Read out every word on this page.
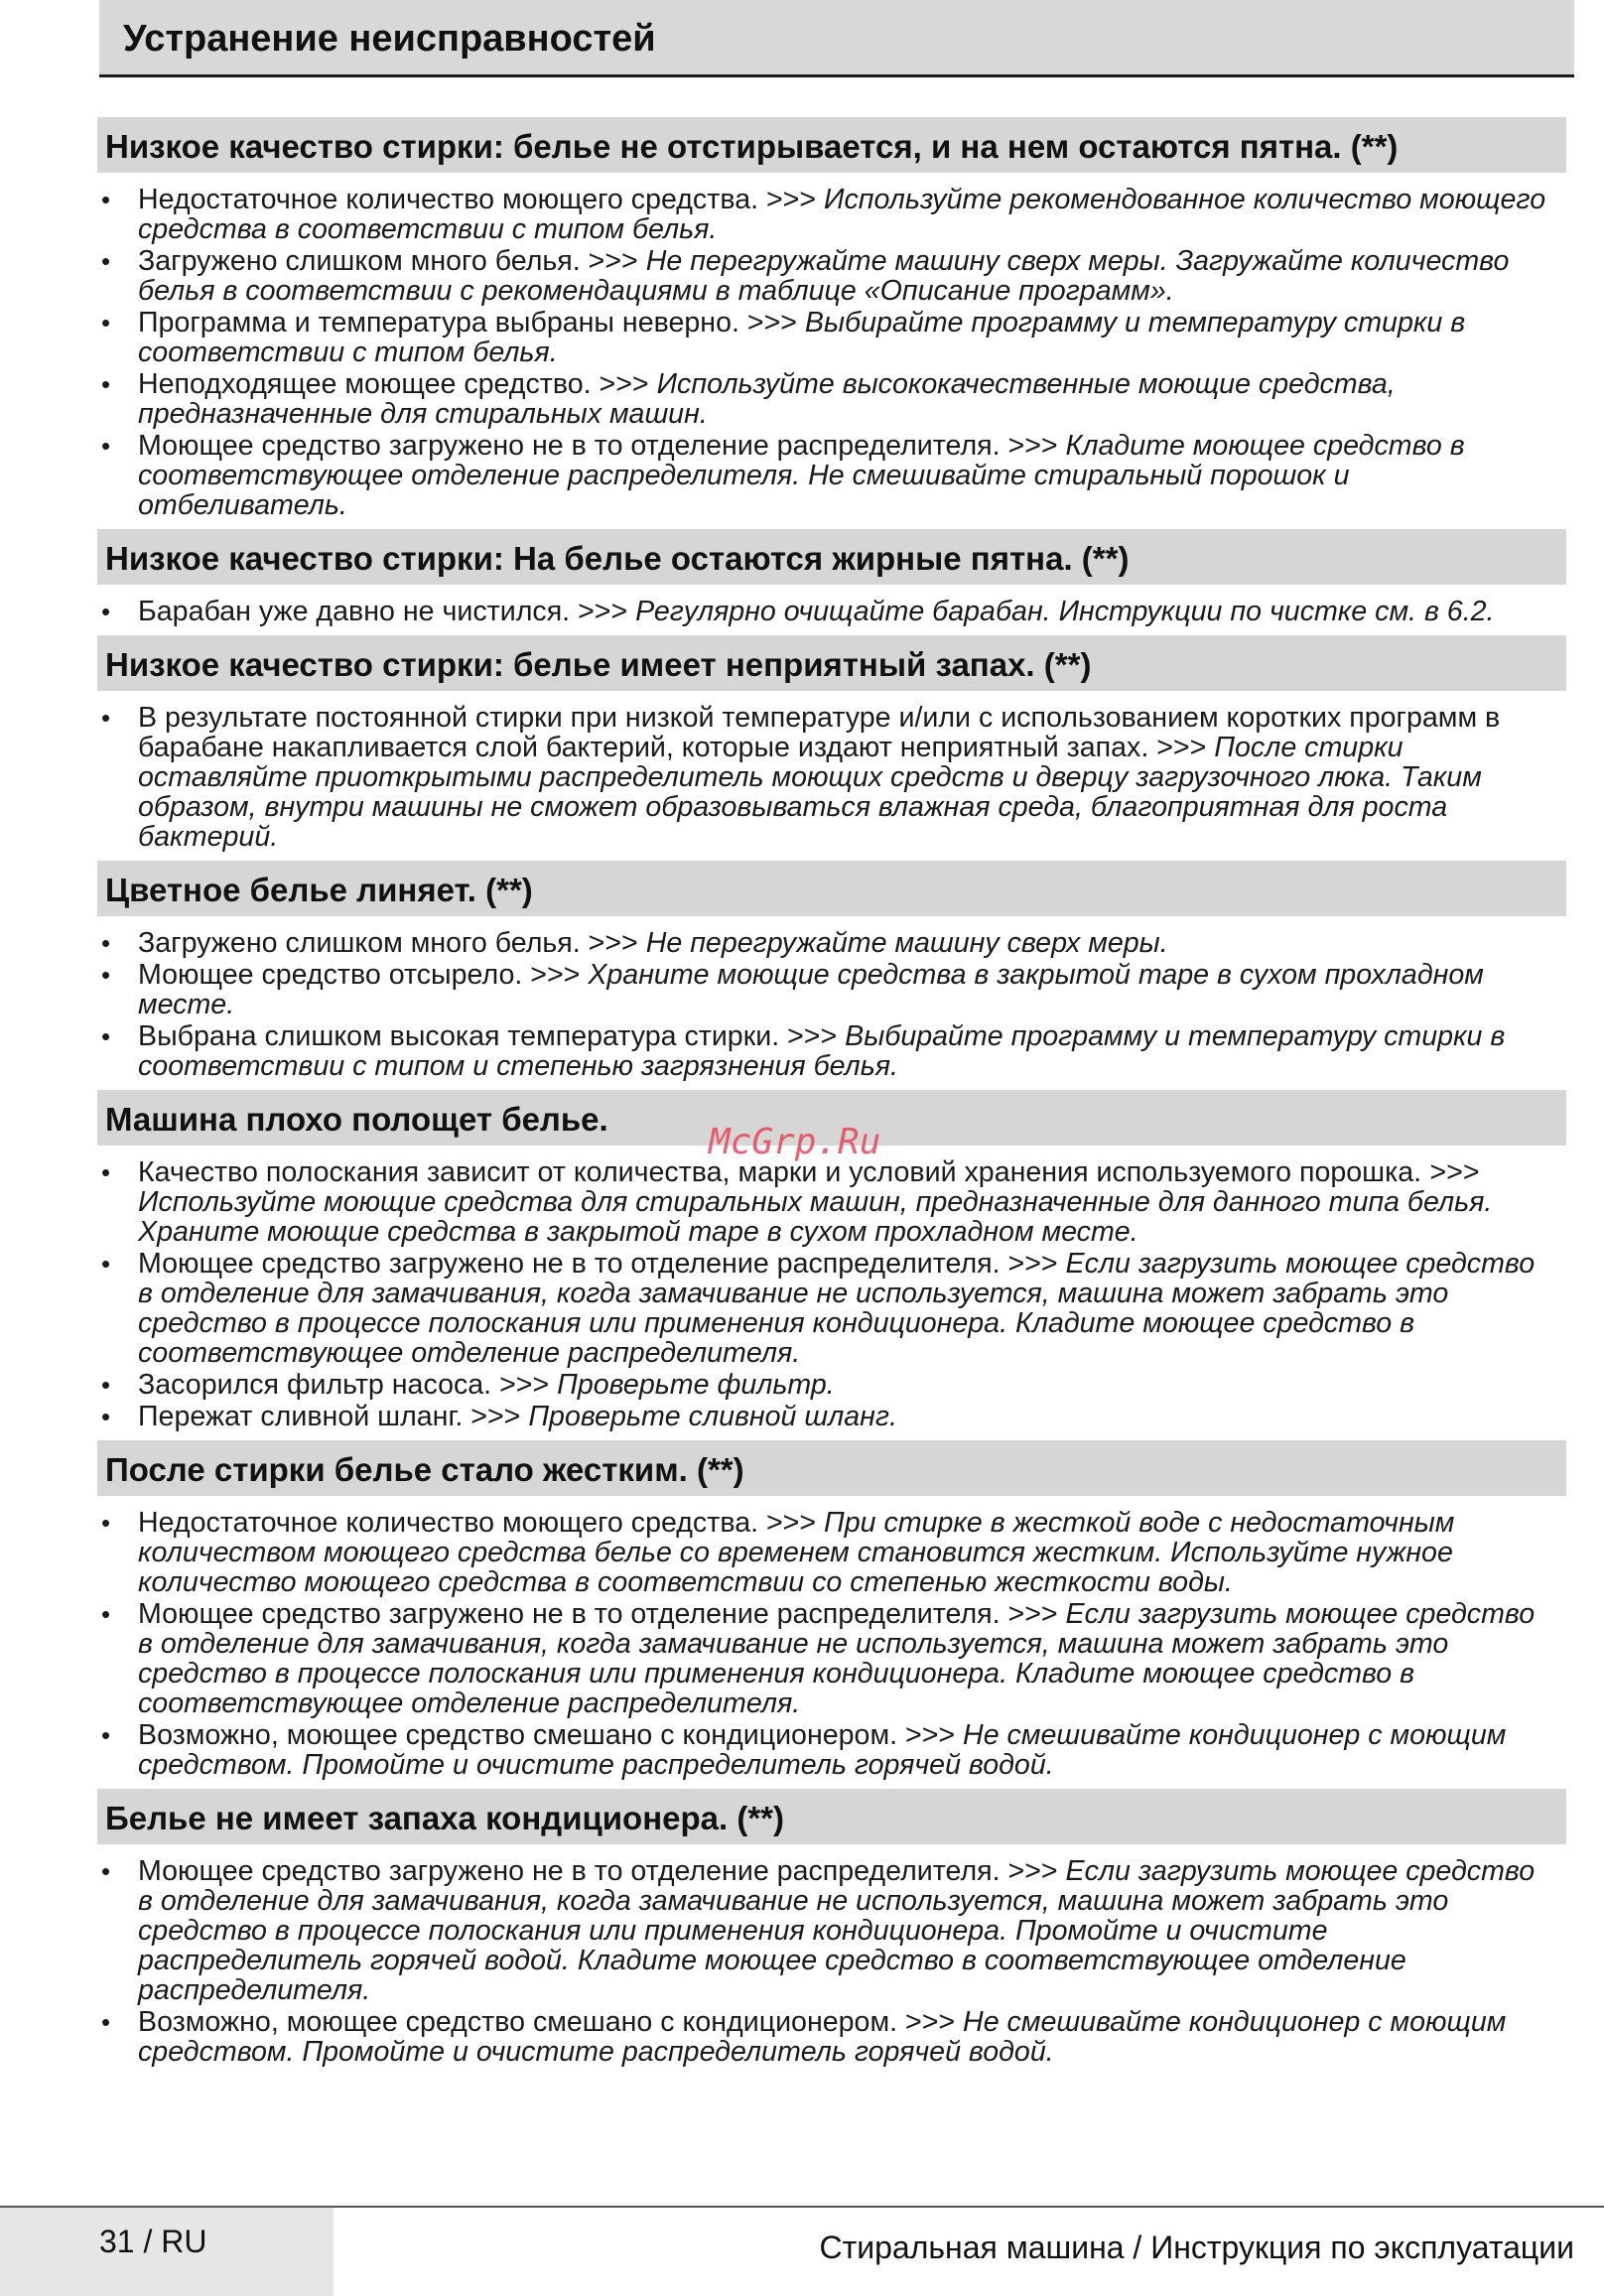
Устранение неисправностей
Низкое качество стирки: белье не отстирывается, и на нем остаются пятна. (**)
• Недостаточное количество моющего средства. >>> Используйте рекомендованное количество моющего средства в соответствии с типом белья.
• Загружено слишком много белья. >>> Не перегружайте машину сверх меры. Загружайте количество белья в соответствии с рекомендациями в таблице «Описание программ».
• Программа и температура выбраны неверно. >>> Выбирайте программу и температуру стирки в соответствии с типом белья.
• Неподходящее моющее средство. >>> Используйте высококачественные моющие средства, предназначенные для стиральных машин.
• Моющее средство загружено не в то отделение распределителя. >>> Кладите моющее средство в соответствующее отделение распределителя. Не смешивайте стиральный порошок и отбеливатель.
Низкое качество стирки: На белье остаются жирные пятна. (**)
• Барабан уже давно не чистился. >>> Регулярно очищайте барабан. Инструкции по чистке см. в 6.2.
Низкое качество стирки: белье имеет неприятный запах. (**)
• В результате постоянной стирки при низкой температуре и/или с использованием коротких программ в барабане накапливается слой бактерий, которые издают неприятный запах. >>> После стирки оставляйте приоткрытыми распределитель моющих средств и дверцу загрузочного люка. Таким образом, внутри машины не сможет образовываться влажная среда, благоприятная для роста бактерий.
Цветное белье линяет. (**)
• Загружено слишком много белья. >>> Не перегружайте машину сверх меры.
• Моющее средство отсырело. >>> Храните моющие средства в закрытой таре в сухом прохладном месте.
• Выбрана слишком высокая температура стирки. >>> Выбирайте программу и температуру стирки в соответствии с типом и степенью загрязнения белья.
Машина плохо полощет белье.
• Качество полоскания зависит от количества, марки и условий хранения используемого порошка. >>> Используйте моющие средства для стиральных машин, предназначенные для данного типа белья. Храните моющие средства в закрытой таре в сухом прохладном месте.
• Моющее средство загружено не в то отделение распределителя. >>> Если загрузить моющее средство в отделение для замачивания, когда замачивание не используется, машина может забрать это средство в процессе полоскания или применения кондиционера. Кладите моющее средство в соответствующее отделение распределителя.
• Засорился фильтр насоса. >>> Проверьте фильтр.
• Пережат сливной шланг. >>> Проверьте сливной шланг.
После стирки белье стало жестким. (**)
• Недостаточное количество моющего средства. >>> При стирке в жесткой воде с недостаточным количеством моющего средства белье со временем становится жестким. Используйте нужное количество моющего средства в соответствии со степенью жесткости воды.
• Моющее средство загружено не в то отделение распределителя. >>> Если загрузить моющее средство в отделение для замачивания, когда замачивание не используется, машина может забрать это средство в процессе полоскания или применения кондиционера. Кладите моющее средство в соответствующее отделение распределителя.
• Возможно, моющее средство смешано с кондиционером. >>> Не смешивайте кондиционер с моющим средством. Промойте и очистите распределитель горячей водой.
Белье не имеет запаха кондиционера. (**)
• Моющее средство загружено не в то отделение распределителя. >>> Если загрузить моющее средство в отделение для замачивания, когда замачивание не используется, машина может забрать это средство в процессе полоскания или применения кондиционера. Промойте и очистите распределитель горячей водой. Кладите моющее средство в соответствующее отделение распределителя.
• Возможно, моющее средство смешано с кондиционером. >>> Не смешивайте кондиционер с моющим средством. Промойте и очистите распределитель горячей водой.
McGrp.Ru
31 / RU	Стиральная машина / Инструкция по эксплуатации
